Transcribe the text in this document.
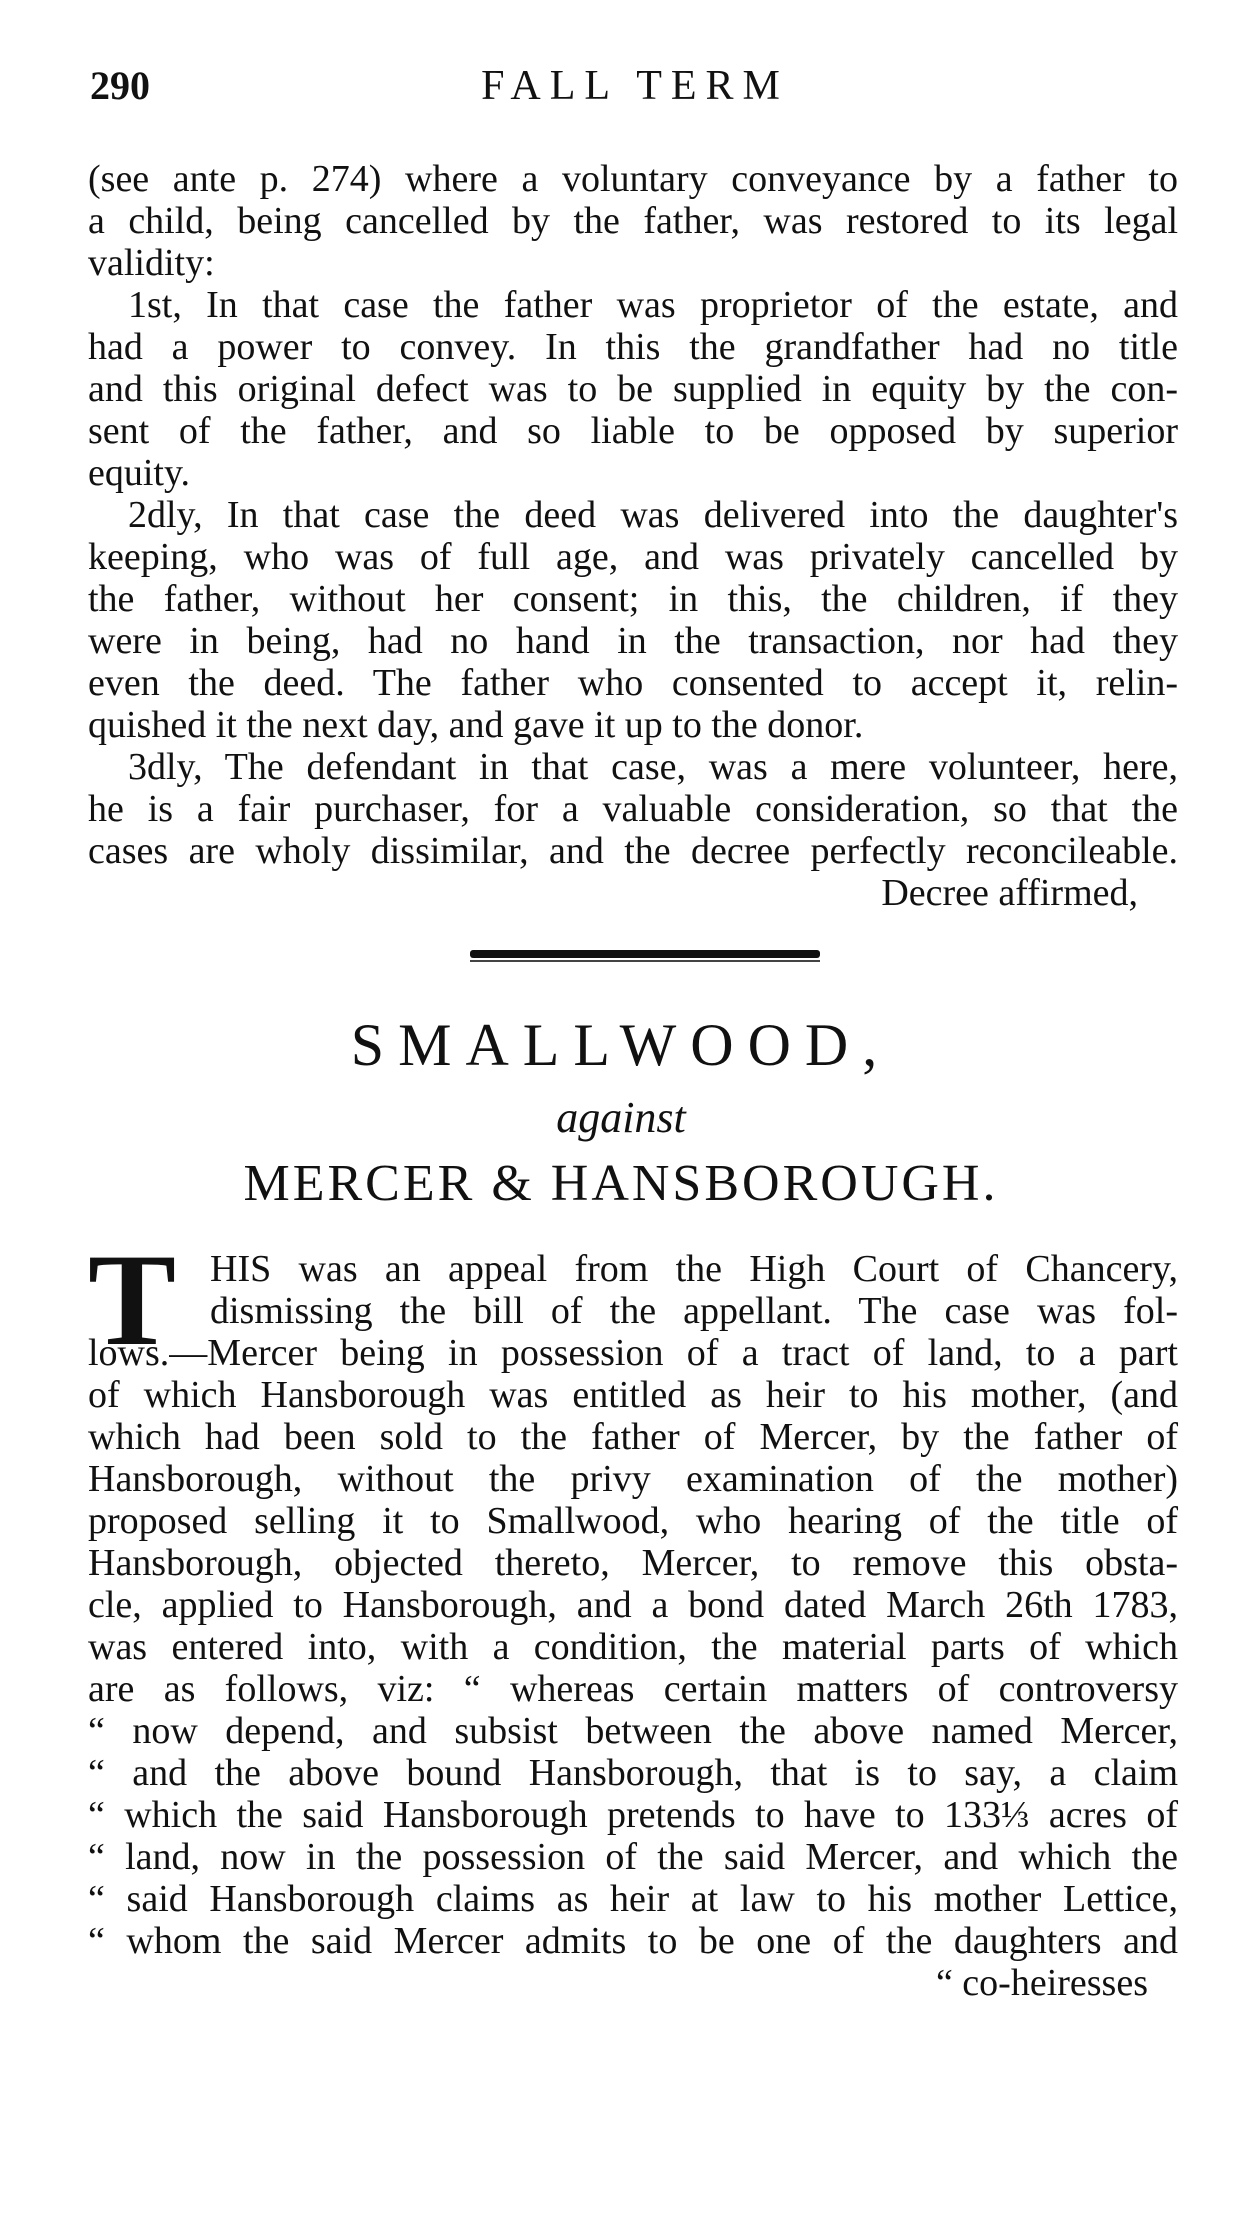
290	FALL TERM
(see ante p. 274) where a voluntary conveyance by a father to
a child, being cancelled by the father, was restored to its legal
validity:
1st, In that case the father was proprietor of the estate, and
had a power to convey. In this the grandfather had no title
and this original defect was to be supplied in equity by the con-
sent of the father, and so liable to be opposed by superior
equity.
2dly, In that case the deed was delivered into the daughter's
keeping, who was of full age, and was privately cancelled by
the father, without her consent; in this, the children, if they
were in being, had no hand in the transaction, nor had they
even the deed. The father who consented to accept it, relin-
quished it the next day, and gave it up to the donor.
3dly, The defendant in that case, was a mere volunteer, here,
he is a fair purchaser, for a valuable consideration, so that the
cases are wholy dissimilar, and the decree perfectly reconcileable.
Decree affirmed,
SMALLWOOD,
against
MERCER & HANSBOROUGH.
T HIS was an appeal from the High Court of Chancery,
dismissing the bill of the appellant. The case was fol-
lows.—Mercer being in possession of a tract of land, to a part
of which Hansborough was entitled as heir to his mother, (and
which had been sold to the father of Mercer, by the father of
Hansborough, without the privy examination of the mother)
proposed selling it to Smallwood, who hearing of the title of
Hansborough, objected thereto, Mercer, to remove this obsta-
cle, applied to Hansborough, and a bond dated March 26th 1783,
was entered into, with a condition, the material parts of which
are as follows, viz: “ whereas certain matters of controversy
“ now depend, and subsist between the above named Mercer,
“ and the above bound Hansborough, that is to say, a claim
“ which the said Hansborough pretends to have to 133⅓ acres of
“ land, now in the possession of the said Mercer, and which the
“ said Hansborough claims as heir at law to his mother Lettice,
“ whom the said Mercer admits to be one of the daughters and
“ co-heiresses
